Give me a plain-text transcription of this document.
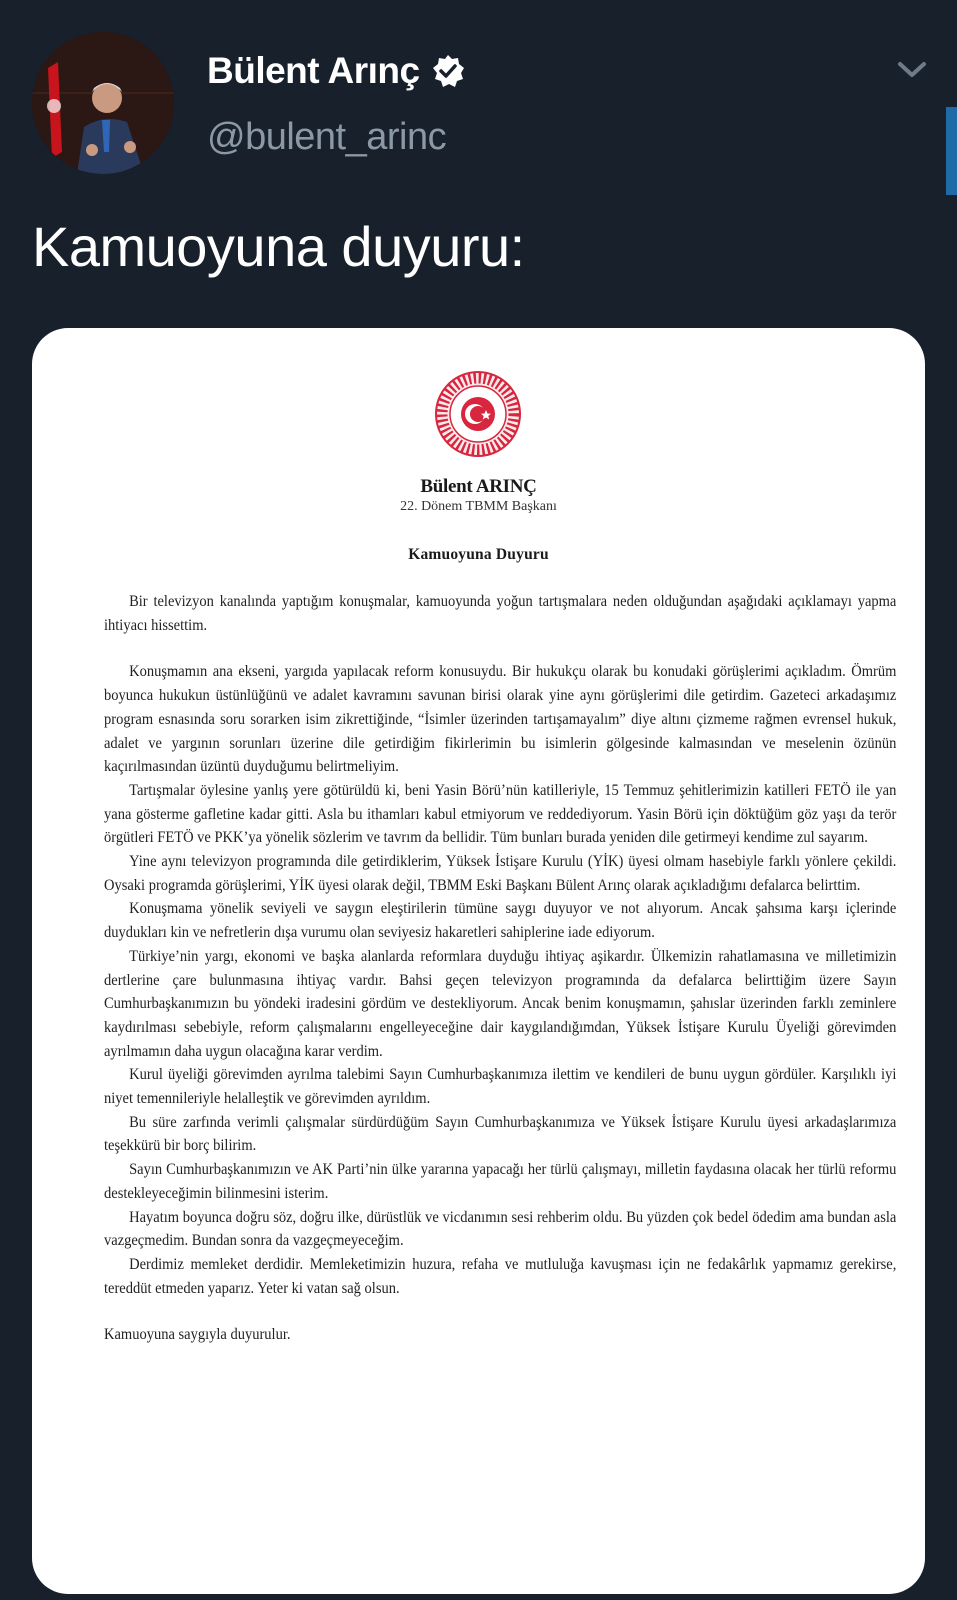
Bülent Arınç
@bulent_arinc
Kamuoyuna duyuru:
Bülent ARINÇ
22. Dönem TBMM Başkanı
Kamuoyuna Duyuru

Bir televizyon kanalında yaptığım konuşmalar, kamuoyunda yoğun tartışmalara neden olduğundan aşağıdaki açıklamayı yapma ihtiyacı hissettim.

Konuşmamın ana ekseni, yargıda yapılacak reform konusuydu. Bir hukukçu olarak bu konudaki görüşlerimi açıkladım. Ömrüm boyunca hukukun üstünlüğünü ve adalet kavramını savunan birisi olarak yine aynı görüşlerimi dile getirdim. Gazeteci arkadaşımız program esnasında soru sorarken isim zikrettiğinde, “İsimler üzerinden tartışamayalım” diye altını çizmeme rağmen evrensel hukuk, adalet ve yargının sorunları üzerine dile getirdiğim fikirlerimin bu isimlerin gölgesinde kalmasından ve meselenin özünün kaçırılmasından üzüntü duyduğumu belirtmeliyim.

Tartışmalar öylesine yanlış yere götürüldü ki, beni Yasin Börü’nün katilleriyle, 15 Temmuz şehitlerimizin katilleri FETÖ ile yan yana gösterme gafletine kadar gitti. Asla bu ithamları kabul etmiyorum ve reddediyorum. Yasin Börü için döktüğüm göz yaşı da terör örgütleri FETÖ ve PKK’ya yönelik sözlerim ve tavrım da bellidir. Tüm bunları burada yeniden dile getirmeyi kendime zul sayarım.

Yine aynı televizyon programında dile getirdiklerim, Yüksek İstişare Kurulu (YİK) üyesi olmam hasebiyle farklı yönlere çekildi. Oysaki programda görüşlerimi, YİK üyesi olarak değil, TBMM Eski Başkanı Bülent Arınç olarak açıkladığımı defalarca belirttim.

Konuşmama yönelik seviyeli ve saygın eleştirilerin tümüne saygı duyuyor ve not alıyorum. Ancak şahsıma karşı içlerinde duydukları kin ve nefretlerin dışa vurumu olan seviyesiz hakaretleri sahiplerine iade ediyorum.

Türkiye’nin yargı, ekonomi ve başka alanlarda reformlara duyduğu ihtiyaç aşikardır. Ülkemizin rahatlamasına ve milletimizin dertlerine çare bulunmasına ihtiyaç vardır. Bahsi geçen televizyon programında da defalarca belirttiğim üzere Sayın Cumhurbaşkanımızın bu yöndeki iradesini gördüm ve destekliyorum. Ancak benim konuşmamın, şahıslar üzerinden farklı zeminlere kaydırılması sebebiyle, reform çalışmalarını engelleyeceğine dair kaygılandığımdan, Yüksek İstişare Kurulu Üyeliği görevimden ayrılmamın daha uygun olacağına karar verdim.

Kurul üyeliği görevimden ayrılma talebimi Sayın Cumhurbaşkanımıza ilettim ve kendileri de bunu uygun gördüler. Karşılıklı iyi niyet temennileriyle helalleştik ve görevimden ayrıldım.

Bu süre zarfında verimli çalışmalar sürdürdüğüm Sayın Cumhurbaşkanımıza ve Yüksek İstişare Kurulu üyesi arkadaşlarımıza teşekkürü bir borç bilirim.

Sayın Cumhurbaşkanımızın ve AK Parti’nin ülke yararına yapacağı her türlü çalışmayı, milletin faydasına olacak her türlü reformu destekleyeceğimin bilinmesini isterim.

Hayatım boyunca doğru söz, doğru ilke, dürüstlük ve vicdanımın sesi rehberim oldu. Bu yüzden çok bedel ödedim ama bundan asla vazgeçmedim. Bundan sonra da vazgeçmeyeceğim.

Derdimiz memleket derdidir. Memleketimizin huzura, refaha ve mutluluğa kavuşması için ne fedakârlık yapmamız gerekirse, tereddüt etmeden yaparız. Yeter ki vatan sağ olsun.

Kamuoyuna saygıyla duyurulur.
